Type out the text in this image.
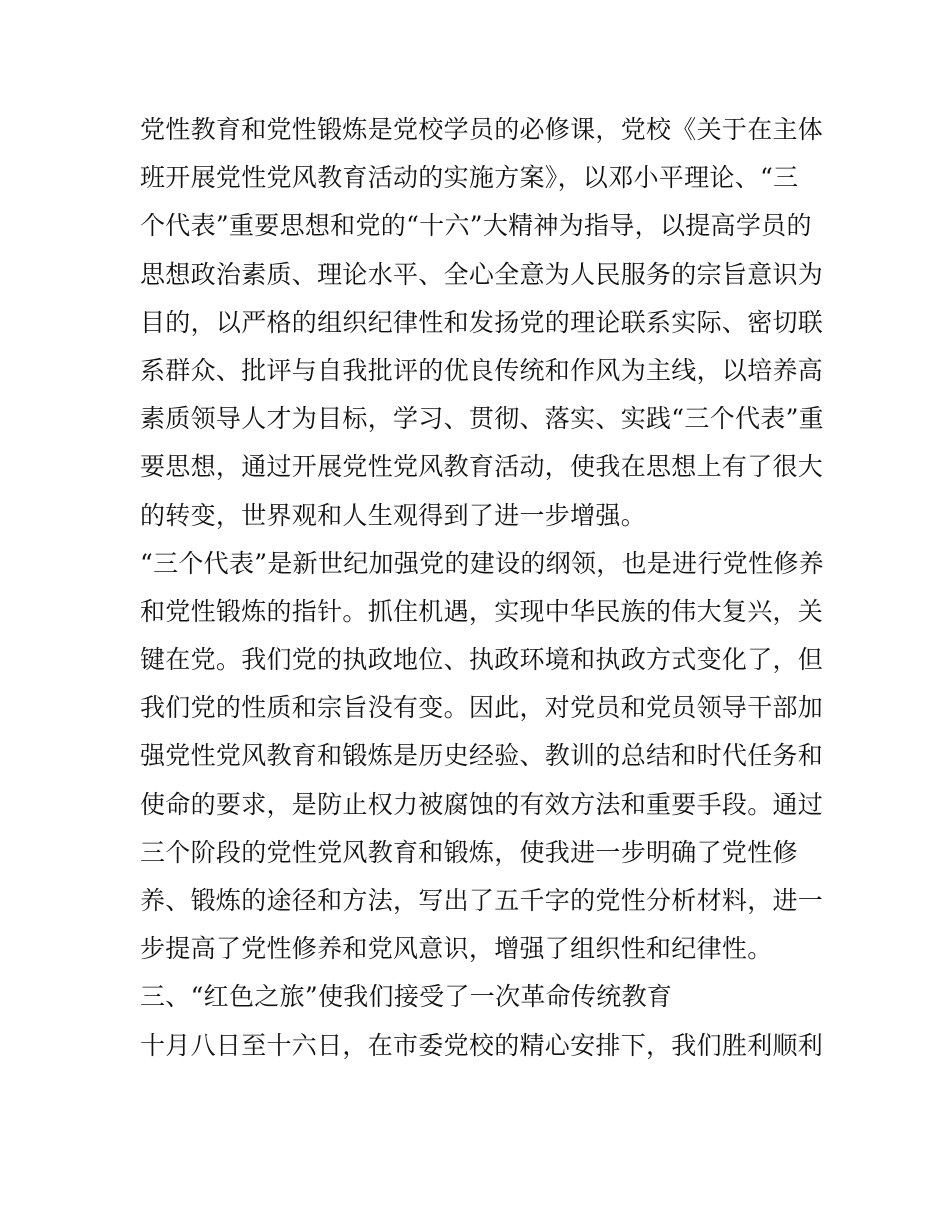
党性教育和党性锻炼是党校学员的必修课，党校《关于在主体
班开展党性党风教育活动的实施方案》，以邓小平理论、“三
个代表”重要思想和党的“十六”大精神为指导，以提高学员的
思想政治素质、理论水平、全心全意为人民服务的宗旨意识为
目的，以严格的组织纪律性和发扬党的理论联系实际、密切联
系群众、批评与自我批评的优良传统和作风为主线，以培养高
素质领导人才为目标，学习、贯彻、落实、实践“三个代表”重
要思想，通过开展党性党风教育活动，使我在思想上有了很大
的转变，世界观和人生观得到了进一步增强。
“三个代表”是新世纪加强党的建设的纲领，也是进行党性修养
和党性锻炼的指针。抓住机遇，实现中华民族的伟大复兴，关
键在党。我们党的执政地位、执政环境和执政方式变化了，但
我们党的性质和宗旨没有变。因此，对党员和党员领导干部加
强党性党风教育和锻炼是历史经验、教训的总结和时代任务和
使命的要求，是防止权力被腐蚀的有效方法和重要手段。通过
三个阶段的党性党风教育和锻炼，使我进一步明确了党性修
养、锻炼的途径和方法，写出了五千字的党性分析材料，进一
步提高了党性修养和党风意识，增强了组织性和纪律性。
三、“红色之旅”使我们接受了一次革命传统教育
十月八日至十六日，在市委党校的精心安排下，我们胜利顺利
